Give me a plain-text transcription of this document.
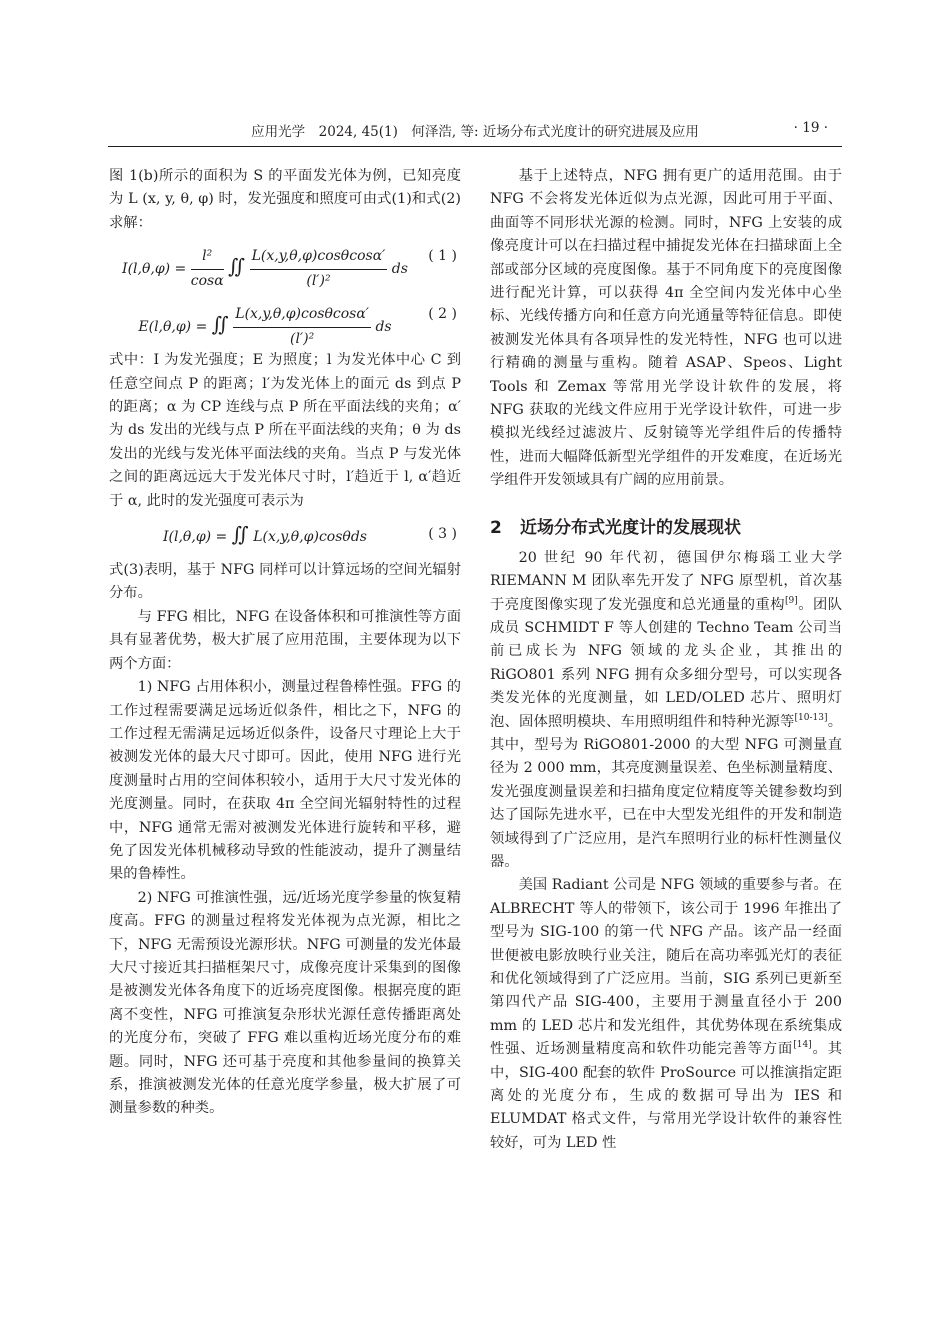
应用光学　2024, 45(1)　何泽浩, 等: 近场分布式光度计的研究进展及应用	· 19 ·

图 1(b)所示的面积为 S 的平面发光体为例，已知亮度为 L (x, y, θ, φ) 时，发光强度和照度可由式(1)和式(2)求解：

$I(l,\theta,\varphi) = \frac{\text{l²}}{\cos\alpha}$ ∬ $\frac{L(x,y,\theta,\varphi)\cos\theta\cos\alpha'}{\text{(l′)²}}$ ds
( 1 )
E(l,θ,φ) = ∬ $\frac{L(x,y,\theta,\varphi)\cos\theta\cos\alpha'}{\text{(l′)²}}$ ds
( 2 )

式中：I 为发光强度；E 为照度；l 为发光体中心 C 到任意空间点 P 的距离；l′为发光体上的面元 ds 到点 P 的距离；α 为 CP 连线与点 P 所在平面法线的夹角；α′为 ds 发出的光线与点 P 所在平面法线的夹角；θ 为 ds 发出的光线与发光体平面法线的夹角。当点 P 与发光体之间的距离远远大于发光体尺寸时，l′趋近于 l, α′趋近于 α, 此时的发光强度可表示为

I(l,θ,φ) = ∬ L(x,y,θ,φ)cosθds	( 3 )

式(3)表明，基于 NFG 同样可以计算远场的空间光辐射分布。

与 FFG 相比，NFG 在设备体积和可推演性等方面具有显著优势，极大扩展了应用范围，主要体现为以下两个方面：

1) NFG 占用体积小，测量过程鲁棒性强。FFG 的工作过程需要满足远场近似条件，相比之下，NFG 的工作过程无需满足远场近似条件，设备尺寸理论上大于被测发光体的最大尺寸即可。因此，使用 NFG 进行光度测量时占用的空间体积较小，适用于大尺寸发光体的光度测量。同时，在获取 4π 全空间光辐射特性的过程中，NFG 通常无需对被测发光体进行旋转和平移，避免了因发光体机械移动导致的性能波动，提升了测量结果的鲁棒性。

2) NFG 可推演性强，远/近场光度学参量的恢复精度高。FFG 的测量过程将发光体视为点光源，相比之下，NFG 无需预设光源形状。NFG 可测量的发光体最大尺寸接近其扫描框架尺寸，成像亮度计采集到的图像是被测发光体各角度下的近场亮度图像。根据亮度的距离不变性，NFG 可推演复杂形状光源任意传播距离处的光度分布，突破了 FFG 难以重构近场光度分布的难题。同时，NFG 还可基于亮度和其他参量间的换算关系，推演被测发光体的任意光度学参量，极大扩展了可测量参数的种类。

基于上述特点，NFG 拥有更广的适用范围。由于 NFG 不会将发光体近似为点光源，因此可用于平面、曲面等不同形状光源的检测。同时，NFG 上安装的成像亮度计可以在扫描过程中捕捉发光体在扫描球面上全部或部分区域的亮度图像。基于不同角度下的亮度图像进行配光计算，可以获得 4π 全空间内发光体中心坐标、光线传播方向和任意方向光通量等特征信息。即使被测发光体具有各项异性的发光特性，NFG 也可以进行精确的测量与重构。随着 ASAP、Speos、Light Tools 和 Zemax 等常用光学设计软件的发展，将 NFG 获取的光线文件应用于光学设计软件，可进一步模拟光线经过滤波片、反射镜等光学组件后的传播特性，进而大幅降低新型光学组件的开发难度，在近场光学组件开发领域具有广阔的应用前景。

2 近场分布式光度计的发展现状

20 世纪 90 年代初，德国伊尔梅瑙工业大学 RIEMANN M 团队率先开发了 NFG 原型机，首次基于亮度图像实现了发光强度和总光通量的重构[9]。团队成员 SCHMIDT F 等人创建的 Techno Team 公司当前已成长为 NFG 领域的龙头企业，其推出的 RiGO801 系列 NFG 拥有众多细分型号，可以实现各类发光体的光度测量，如 LED/OLED 芯片、照明灯泡、固体照明模块、车用照明组件和特种光源等[10-13]。其中，型号为 RiGO801-2000 的大型 NFG 可测量直径为 2 000 mm，其亮度测量误差、色坐标测量精度、发光强度测量误差和扫描角度定位精度等关键参数均到达了国际先进水平，已在中大型发光组件的开发和制造领域得到了广泛应用，是汽车照明行业的标杆性测量仪器。

美国 Radiant 公司是 NFG 领域的重要参与者。在 ALBRECHT 等人的带领下，该公司于 1996 年推出了型号为 SIG-100 的第一代 NFG 产品。该产品一经面世便被电影放映行业关注，随后在高功率弧光灯的表征和优化领域得到了广泛应用。当前，SIG 系列已更新至第四代产品 SIG-400，主要用于测量直径小于 200 mm 的 LED 芯片和发光组件，其优势体现在系统集成性强、近场测量精度高和软件功能完善等方面[14]。其中，SIG-400 配套的软件 ProSource 可以推演指定距离处的光度分布，生成的数据可导出为 IES 和 ELUMDAT 格式文件，与常用光学设计软件的兼容性较好，可为 LED 性
